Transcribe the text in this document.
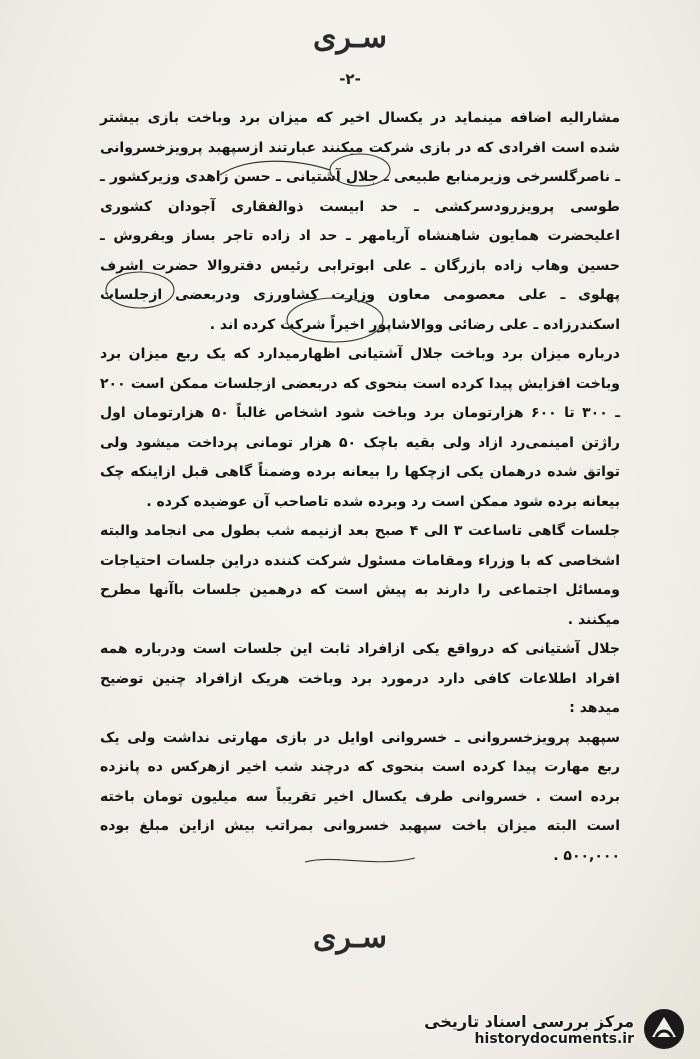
سـری
-۲-

مشارالیه اضافه مینماید در یکسال اخیر که میزان برد وباخت بازی بیشتر شده است افرادی که در بازی شرکت میکنند عبارتند ازسپهبد پرویزخسروانی ـ ناصرگلسرخی وزیرمنابع طبیعی ـ جلال آشتیانی ـ حسن زاهدی وزیرکشور ـ طوسی پرویزرودسرکشی ـ حد ابیست ذوالفقاری آجودان کشوری اعلیحضرت همایون شاهنشاه آریامهر ـ حد اد زاده تاجر بساز وبفروش ـ حسین وهاب زاده بازرگان ـ علی ابوترابی رئیس دفتروالا حضرت اشرف پهلوی ـ علی معصومی معاون وزارت کشاورزی ودربعضی ازجلسات اسکندرزاده ـ علی رضائی ووالاشاپور اخیراً شرکت کرده اند .

درباره میزان برد وباخت جلال آشتیانی اظهارمیدارد که یک ربع میزان برد وباخت افزایش پیدا کرده است بنحوی که دربعضی ازجلسات ممکن است ۲۰۰ ـ ۳۰۰ تا ۶۰۰ هزارتومان برد وباخت شود اشخاص غالباً ۵۰ هزارتومان اول راژتن امینمی‌رد ازاد ولی بقیه باچک ۵۰ هزار تومانی پرداخت میشود ولی تواتق شده درهمان یکی ازچکها را بیعانه برده وضمناً گاهی قبل ازاینکه چک بیعانه برده شود ممکن است رد وبرده شده تاصاحب آن عوضیده کرده .

جلسات گاهی تاساعت ۳ الی ۴ صبح بعد ازنیمه شب بطول می انجامد والبته اشخاصی که با وزراء ومقامات مسئول شرکت کننده دراین جلسات احتیاجات ومسائل اجتماعی را دارند به پیش است که درهمین جلسات باآنها مطرح میکنند .

جلال آشتیانی که درواقع یکی ازافراد ثابت این جلسات است ودرباره همه افراد اطلاعات کافی دارد درمورد برد وباخت هریک ازافراد چنین توضیح میدهد :

سپهبد پرویزخسروانی ـ خسروانی اوایل در بازی مهارتی نداشت ولی یک ربع مهارت پیدا کرده است بنحوی که درچند شب اخیر ازهرکس ده پانزده برده است . خسروانی طرف یکسال اخیر تقریباً سه میلیون تومان باخته است البته میزان باخت سپهبد خسروانی بمراتب بیش ازاین مبلغ بوده ۵۰۰,۰۰۰ .

سـری
مرکز بررسی اسناد تاریخی
historydocuments.ir
